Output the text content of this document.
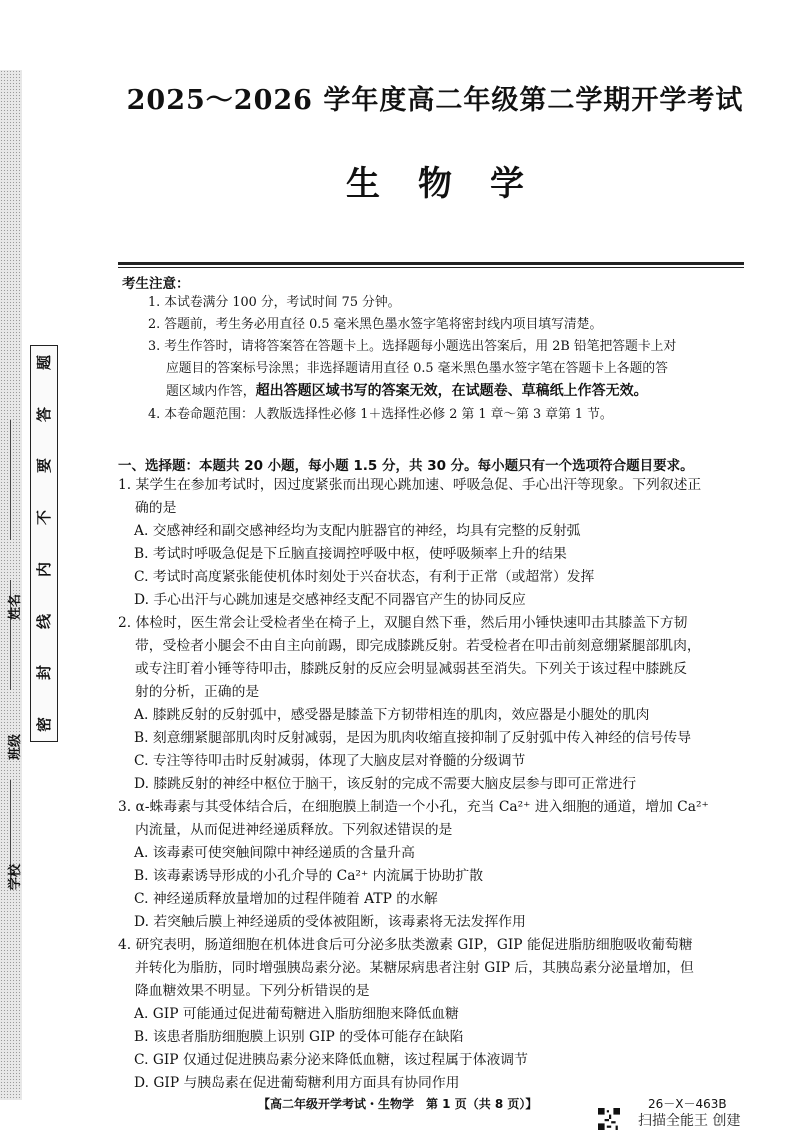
学校
班级
姓名
题
答
要
不
内
线
封
密
2025～2026 学年度高二年级第二学期开学考试
生物学
考生注意：
1. 本试卷满分 100 分，考试时间 75 分钟。
2. 答题前，考生务必用直径 0.5 毫米黑色墨水签字笔将密封线内项目填写清楚。
3. 考生作答时，请将答案答在答题卡上。选择题每小题选出答案后，用 2B 铅笔把答题卡上对
应题目的答案标号涂黑；非选择题请用直径 0.5 毫米黑色墨水签字笔在答题卡上各题的答
题区域内作答，超出答题区域书写的答案无效，在试题卷、草稿纸上作答无效。
4. 本卷命题范围：人教版选择性必修 1＋选择性必修 2 第 1 章～第 3 章第 1 节。
一、选择题：本题共 20 小题，每小题 1.5 分，共 30 分。每小题只有一个选项符合题目要求。
1. 某学生在参加考试时，因过度紧张而出现心跳加速、呼吸急促、手心出汗等现象。下列叙述正
确的是
A. 交感神经和副交感神经均为支配内脏器官的神经，均具有完整的反射弧
B. 考试时呼吸急促是下丘脑直接调控呼吸中枢，使呼吸频率上升的结果
C. 考试时高度紧张能使机体时刻处于兴奋状态，有利于正常（或超常）发挥
D. 手心出汗与心跳加速是交感神经支配不同器官产生的协同反应
2. 体检时，医生常会让受检者坐在椅子上，双腿自然下垂，然后用小锤快速叩击其膝盖下方韧
带，受检者小腿会不由自主向前踢，即完成膝跳反射。若受检者在叩击前刻意绷紧腿部肌肉，
或专注盯着小锤等待叩击，膝跳反射的反应会明显减弱甚至消失。下列关于该过程中膝跳反
射的分析，正确的是
A. 膝跳反射的反射弧中，感受器是膝盖下方韧带相连的肌肉，效应器是小腿处的肌肉
B. 刻意绷紧腿部肌肉时反射减弱，是因为肌肉收缩直接抑制了反射弧中传入神经的信号传导
C. 专注等待叩击时反射减弱，体现了大脑皮层对脊髓的分级调节
D. 膝跳反射的神经中枢位于脑干，该反射的完成不需要大脑皮层参与即可正常进行
3. α-蛛毒素与其受体结合后，在细胞膜上制造一个小孔，充当 Ca²⁺ 进入细胞的通道，增加 Ca²⁺
内流量，从而促进神经递质释放。下列叙述错误的是
A. 该毒素可使突触间隙中神经递质的含量升高
B. 该毒素诱导形成的小孔介导的 Ca²⁺ 内流属于协助扩散
C. 神经递质释放量增加的过程伴随着 ATP 的水解
D. 若突触后膜上神经递质的受体被阻断，该毒素将无法发挥作用
4. 研究表明，肠道细胞在机体进食后可分泌多肽类激素 GIP，GIP 能促进脂肪细胞吸收葡萄糖
并转化为脂肪，同时增强胰岛素分泌。某糖尿病患者注射 GIP 后，其胰岛素分泌量增加，但
降血糖效果不明显。下列分析错误的是
A. GIP 可能通过促进葡萄糖进入脂肪细胞来降低血糖
B. 该患者脂肪细胞膜上识别 GIP 的受体可能存在缺陷
C. GIP 仅通过促进胰岛素分泌来降低血糖，该过程属于体液调节
D. GIP 与胰岛素在促进葡萄糖利用方面具有协同作用
【高二年级开学考试・生物学　第 1 页（共 8 页）】	26－X－463B
扫描全能王 创建
